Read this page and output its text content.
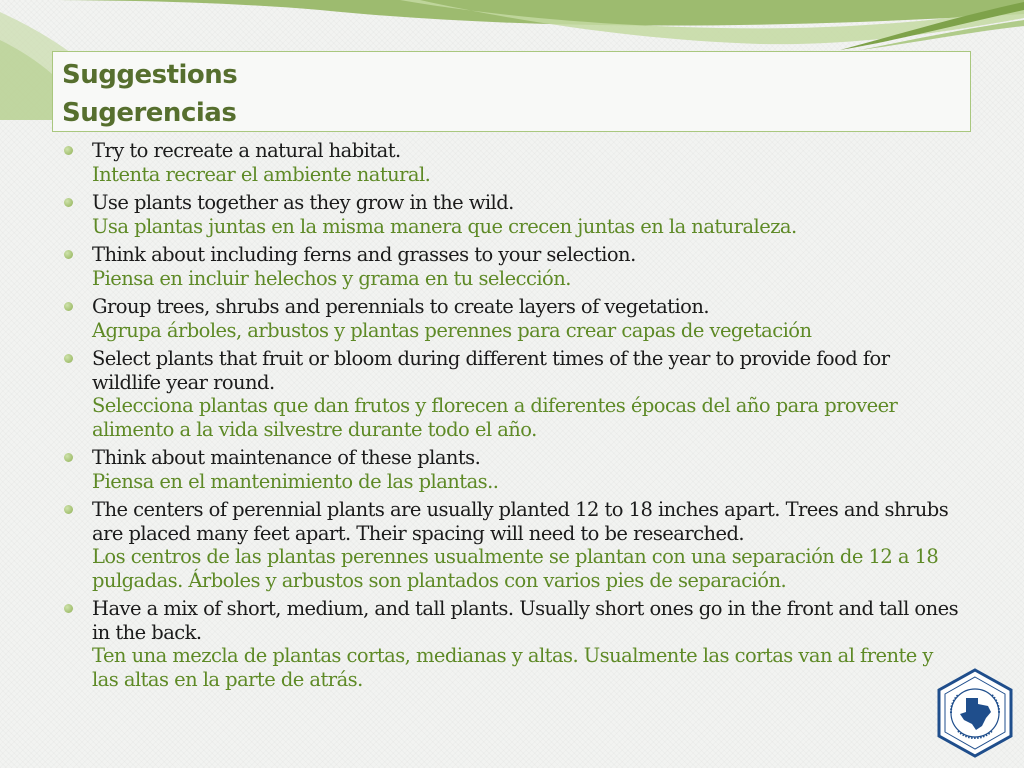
Suggestions
Sugerencias
Try to recreate a natural habitat.
Intenta recrear el ambiente natural.
Use plants together as they grow in the wild.
Usa plantas juntas en la misma manera que crecen juntas en la naturaleza.
Think about including ferns and grasses to your selection.
Piensa en incluir helechos y grama en tu selección.
Group trees, shrubs and perennials to create layers of vegetation.
Agrupa árboles, arbustos y plantas perennes para crear capas de vegetación
Select plants that fruit or bloom during different times of the year to provide food for wildlife year round.
Selecciona plantas que dan frutos y florecen a diferentes épocas del año para proveer alimento a la vida silvestre durante todo el año.
Think about maintenance of these plants.
Piensa en el mantenimiento de las plantas..
The centers of perennial plants are usually planted 12 to 18 inches apart. Trees and shrubs are placed many feet apart. Their spacing will need to be researched.
Los centros de las plantas perennes usualmente se plantan con una separación de 12 a 18 pulgadas. Árboles y arbustos son plantados con varios pies de separación.
Have a mix of short, medium, and tall plants. Usually short ones go in the front and tall ones in the back.
Ten una mezcla de plantas cortas, medianas y altas. Usualmente las cortas van al frente y las altas en la parte de atrás.
